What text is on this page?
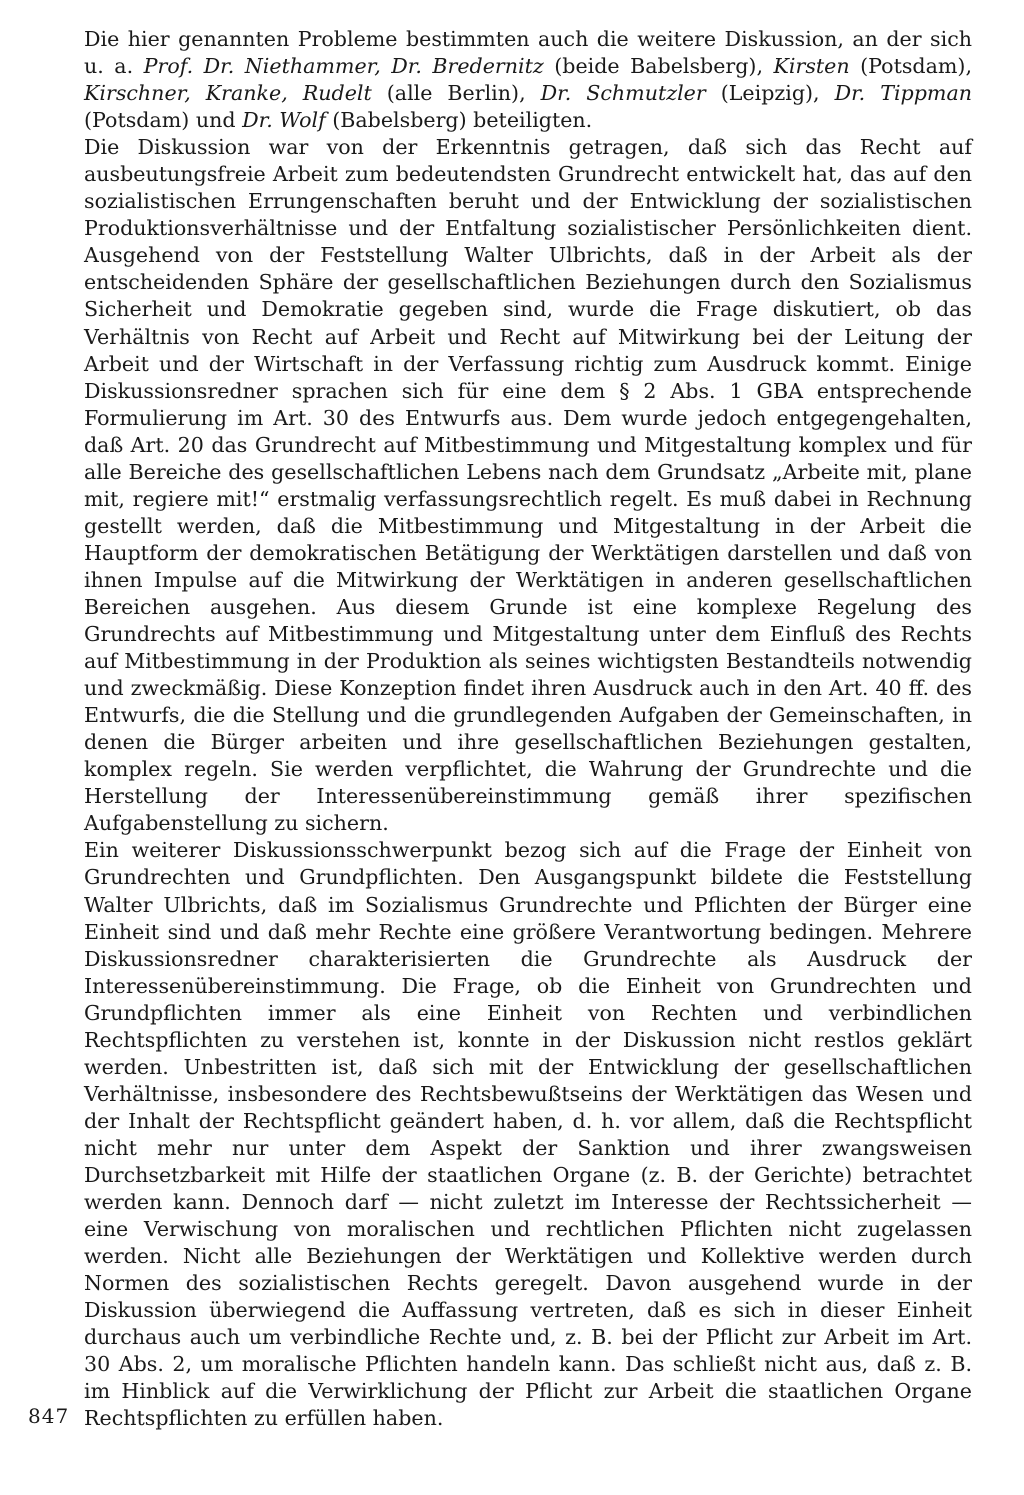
Die hier genannten Probleme bestimmten auch die weitere Diskussion, an der sich u. a. Prof. Dr. Niethammer, Dr. Bredernitz (beide Babelsberg), Kirsten (Potsdam), Kirschner, Kranke, Rudelt (alle Berlin), Dr. Schmutzler (Leipzig), Dr. Tippman (Potsdam) und Dr. Wolf (Babelsberg) beteiligten.

Die Diskussion war von der Erkenntnis getragen, daß sich das Recht auf ausbeutungsfreie Arbeit zum bedeutendsten Grundrecht entwickelt hat, das auf den sozialistischen Errungenschaften beruht und der Entwicklung der sozialistischen Produktionsverhältnisse und der Entfaltung sozialistischer Persönlichkeiten dient. Ausgehend von der Feststellung Walter Ulbrichts, daß in der Arbeit als der entscheidenden Sphäre der gesellschaftlichen Beziehungen durch den Sozialismus Sicherheit und Demokratie gegeben sind, wurde die Frage diskutiert, ob das Verhältnis von Recht auf Arbeit und Recht auf Mitwirkung bei der Leitung der Arbeit und der Wirtschaft in der Verfassung richtig zum Ausdruck kommt. Einige Diskussionsredner sprachen sich für eine dem § 2 Abs. 1 GBA entsprechende Formulierung im Art. 30 des Entwurfs aus. Dem wurde jedoch entgegengehalten, daß Art. 20 das Grundrecht auf Mitbestimmung und Mitgestaltung komplex und für alle Bereiche des gesellschaftlichen Lebens nach dem Grundsatz „Arbeite mit, plane mit, regiere mit!“ erstmalig verfassungsrechtlich regelt. Es muß dabei in Rechnung gestellt werden, daß die Mitbestimmung und Mitgestaltung in der Arbeit die Hauptform der demokratischen Betätigung der Werktätigen darstellen und daß von ihnen Impulse auf die Mitwirkung der Werktätigen in anderen gesellschaftlichen Bereichen ausgehen. Aus diesem Grunde ist eine komplexe Regelung des Grundrechts auf Mitbestimmung und Mitgestaltung unter dem Einfluß des Rechts auf Mitbestimmung in der Produktion als seines wichtigsten Bestandteils notwendig und zweckmäßig. Diese Konzeption findet ihren Ausdruck auch in den Art. 40 ff. des Entwurfs, die die Stellung und die grundlegenden Aufgaben der Gemeinschaften, in denen die Bürger arbeiten und ihre gesellschaftlichen Beziehungen gestalten, komplex regeln. Sie werden verpflichtet, die Wahrung der Grundrechte und die Herstellung der Interessenübereinstimmung gemäß ihrer spezifischen Aufgabenstellung zu sichern.

Ein weiterer Diskussionsschwerpunkt bezog sich auf die Frage der Einheit von Grundrechten und Grundpflichten. Den Ausgangspunkt bildete die Feststellung Walter Ulbrichts, daß im Sozialismus Grundrechte und Pflichten der Bürger eine Einheit sind und daß mehr Rechte eine größere Verantwortung bedingen. Mehrere Diskussionsredner charakterisierten die Grundrechte als Ausdruck der Interessenübereinstimmung. Die Frage, ob die Einheit von Grundrechten und Grundpflichten immer als eine Einheit von Rechten und verbindlichen Rechtspflichten zu verstehen ist, konnte in der Diskussion nicht restlos geklärt werden. Unbestritten ist, daß sich mit der Entwicklung der gesellschaftlichen Verhältnisse, insbesondere des Rechtsbewußtseins der Werktätigen das Wesen und der Inhalt der Rechtspflicht geändert haben, d. h. vor allem, daß die Rechtspflicht nicht mehr nur unter dem Aspekt der Sanktion und ihrer zwangsweisen Durchsetzbarkeit mit Hilfe der staatlichen Organe (z. B. der Gerichte) betrachtet werden kann. Dennoch darf — nicht zuletzt im Interesse der Rechtssicherheit — eine Verwischung von moralischen und rechtlichen Pflichten nicht zugelassen werden. Nicht alle Beziehungen der Werktätigen und Kollektive werden durch Normen des sozialistischen Rechts geregelt. Davon ausgehend wurde in der Diskussion überwiegend die Auffassung vertreten, daß es sich in dieser Einheit durchaus auch um verbindliche Rechte und, z. B. bei der Pflicht zur Arbeit im Art. 30 Abs. 2, um moralische Pflichten handeln kann. Das schließt nicht aus, daß z. B. im Hinblick auf die Verwirklichung der Pflicht zur Arbeit die staatlichen Organe Rechtspflichten zu erfüllen haben.

847
